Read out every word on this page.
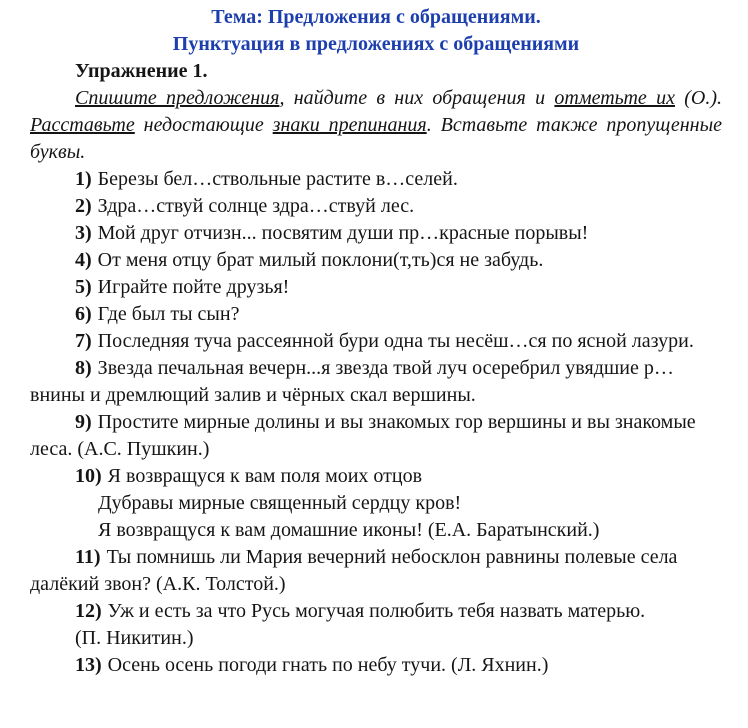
Тема: Предложения с обращениями.

Пунктуация в предложениях с обращениями

Упражнение 1.

Спишите предложения, найдите в них обращения и отметьте их (О.). Расставьте недостающие знаки препинания. Вставьте также пропущенные буквы.

1) Березы бел…ствольные растите в…селей.

2) Здра…ствуй солнце здра…ствуй лес.

3) Мой друг отчизн... посвятим души пр…красные порывы!

4) От меня отцу брат милый поклони(т,ть)ся не забудь.

5) Играйте пойте друзья!

6) Где был ты сын?

7) Последняя туча рассеянной бури одна ты несёш…ся по ясной лазури.

8) Звезда печальная вечерн...я звезда твой луч осеребрил увядшие р…внины и дремлющий залив и чёрных скал вершины.

9) Простите мирные долины и вы знакомых гор вершины и вы знакомые леса. (А.С. Пушкин.)

10) Я возвращуся к вам поля моих отцов

Дубравы мирные священный сердцу кров!

Я возвращуся к вам домашние иконы! (Е.А. Баратынский.)

11) Ты помнишь ли Мария вечерний небосклон равнины полевые села далёкий звон? (А.К. Толстой.)

12) Уж и есть за что Русь могучая полюбить тебя назвать матерью.

(П. Никитин.)

13) Осень осень погоди гнать по небу тучи. (Л. Яхнин.)
